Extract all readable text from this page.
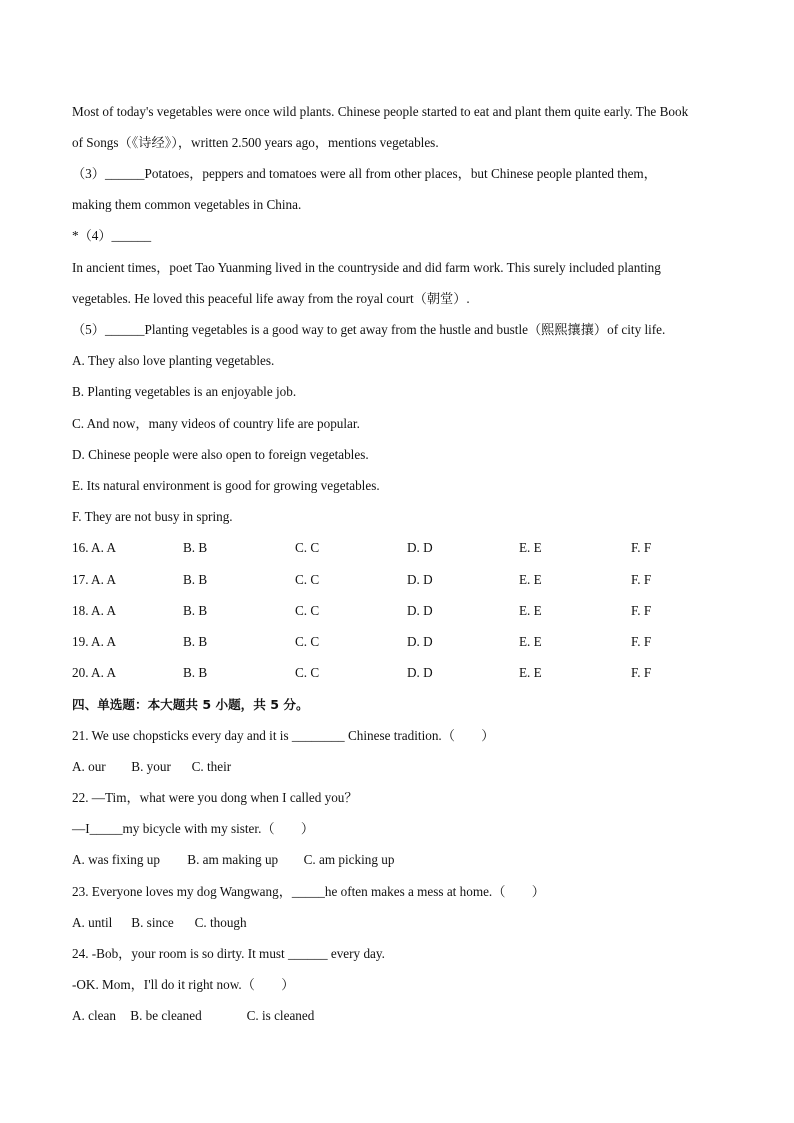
Most of today's vegetables were once wild plants. Chinese people started to eat and plant them quite early. The Book
of Songs（《诗经》），written 2.500 years ago，mentions vegetables.
（3）______Potatoes，peppers and tomatoes were all from other places，but Chinese people planted them，
making them common vegetables in China.
*（4）______
In ancient times，poet Tao Yuanming lived in the countryside and did farm work. This surely included planting
vegetables. He loved this peaceful life away from the royal court（朝堂）.
（5）______Planting vegetables is a good way to get away from the hustle and bustle（熙熙攘攘）of city life.
A. They also love planting vegetables.
B. Planting vegetables is an enjoyable job.
C. And now，many videos of country life are popular.
D. Chinese people were also open to foreign vegetables.
E. Its natural environment is good for growing vegetables.
F. They are not busy in spring.
16. A. A	B. B	C. C	D. D	E. E	F. F
17. A. A	B. B	C. C	D. D	E. E	F. F
18. A. A	B. B	C. C	D. D	E. E	F. F
19. A. A	B. B	C. C	D. D	E. E	F. F
20. A. A	B. B	C. C	D. D	E. E	F. F
四、单选题：本大题共 5 小题，共 5 分。
21. We use chopsticks every day and it is ________ Chinese tradition.（　　）
A. our B. your C. their
22. —Tim，what were you dong when I called you？
—I_____my bicycle with my sister.（　　）
A. was fixing up B. am making up C. am picking up
23. Everyone loves my dog Wangwang，_____he often makes a mess at home.（　　）
A. until B. since C. though
24. -Bob，your room is so dirty. It must ______ every day.
-OK. Mom，I'll do it right now.（　　）
A. clean B. be cleaned	C. is cleaned
